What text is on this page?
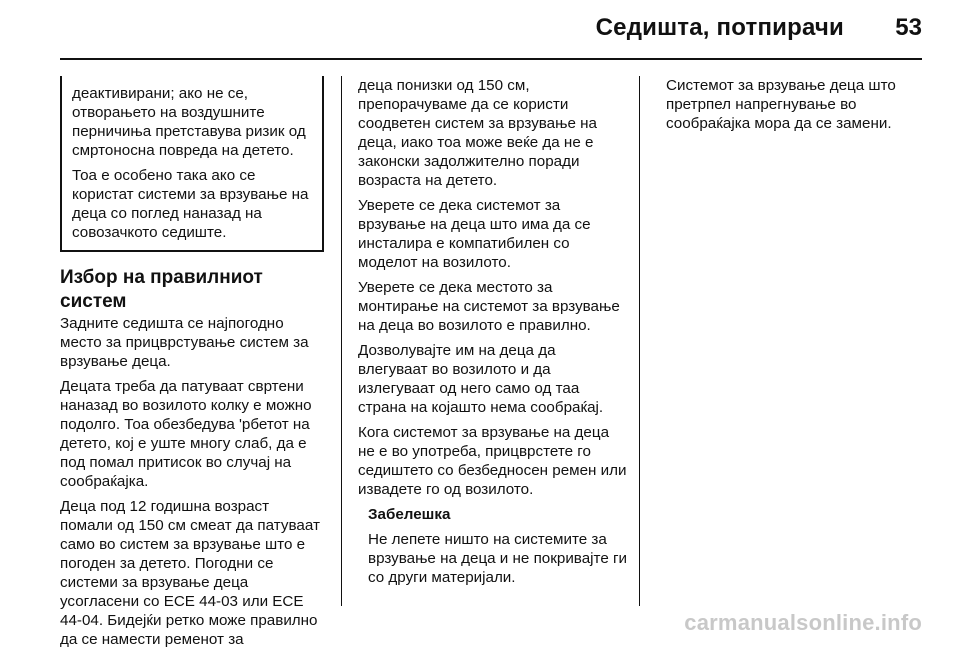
Седишта, потпирачи 53

деактивирани; ако не се, отворањето на воздушните перничиња претставува ризик од смртоносна повреда на детето.

Тоа е особено така ако се користат системи за врзување на деца со поглед наназад на совозачкото седиште.

Избор на правилниот систем

Задните седишта се најпогодно место за прицврстување систем за врзување деца.

Децата треба да патуваат свртени наназад во возилото колку е можно подолго. Тоа обезбедува 'рбетот на детето, кој е уште многу слаб, да е под помал притисок во случај на сообраќајка.

Деца под 12 годишна возраст помали од 150 см смеат да патуваат само во систем за врзување што е погоден за детето. Погодни се системи за врзување деца усогласени со ECE 44-03 или ECE 44-04. Бидејќи ретко може правилно да се намести ременот за

деца понизки од 150 см, препорачуваме да се користи соодветен систем за врзување на деца, иако тоа може веќе да не е законски задолжително поради возраста на детето.

Уверете се дека системот за врзување на деца што има да се инсталира е компатибилен со моделот на возилото.

Уверете се дека местото за монтирање на системот за врзување на деца во возилото е правилно.

Дозволувајте им на деца да влегуваат во возилото и да излегуваат од него само од таа страна на којашто нема сообраќај.

Кога системот за врзување на деца не е во употреба, прицврстете го седиштето со безбедносен ремен или извадете го од возилото.

Забелешка

Не лепете ништо на системите за врзување на деца и не покривајте ги со други материјали.

Системот за врзување деца што претрпел напрегнување во сообраќајка мора да се замени.

carmanualsonline.info
